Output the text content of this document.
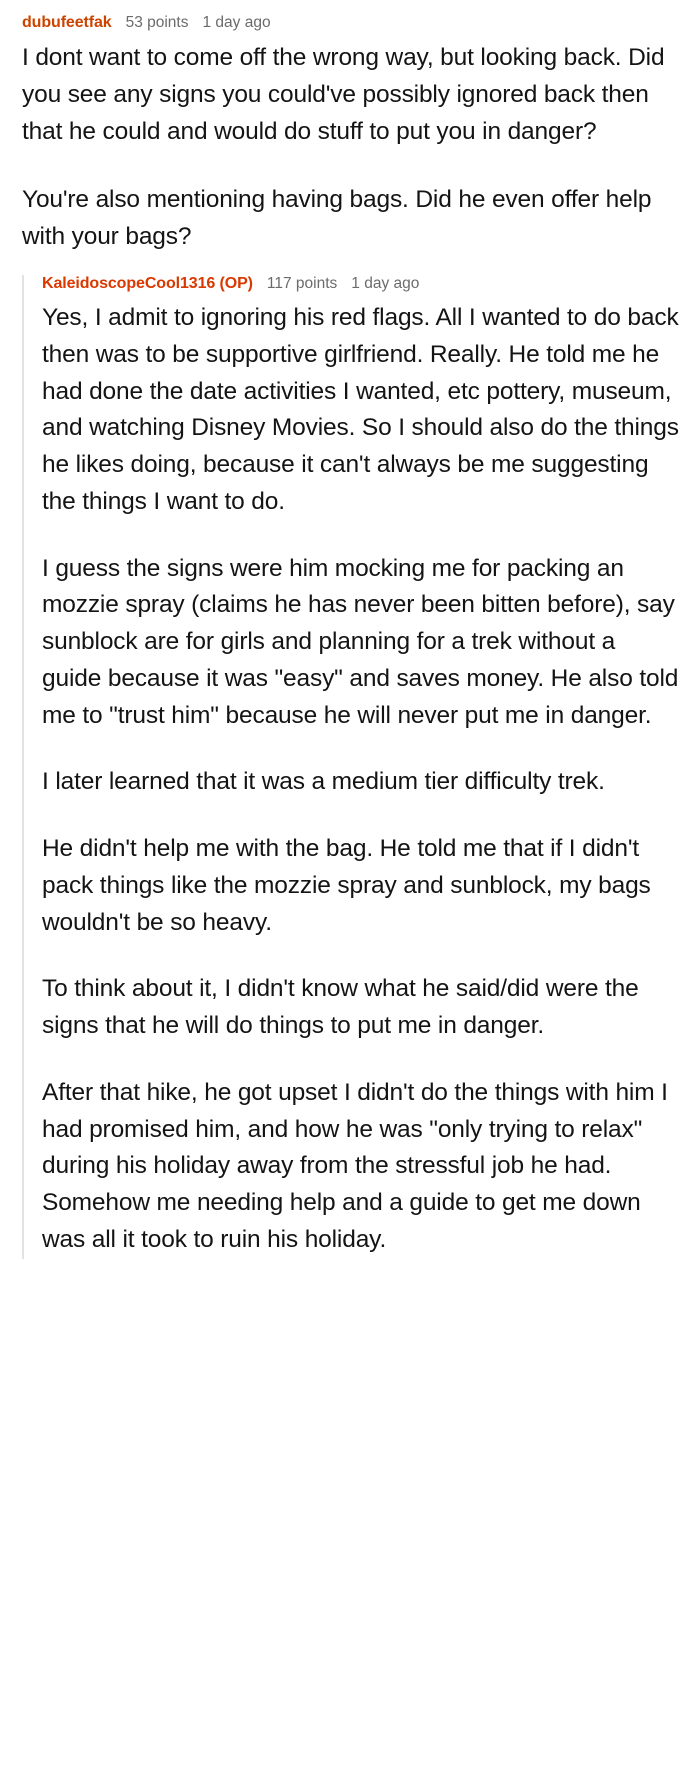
dubufeetfak 53 points 1 day ago

I dont want to come off the wrong way, but looking back. Did you see any signs you could've possibly ignored back then that he could and would do stuff to put you in danger?

You're also mentioning having bags. Did he even offer help with your bags?

KaleidoscopeCool1316 (OP) 117 points 1 day ago

Yes, I admit to ignoring his red flags. All I wanted to do back then was to be supportive girlfriend. Really. He told me he had done the date activities I wanted, etc pottery, museum, and watching Disney Movies. So I should also do the things he likes doing, because it can't always be me suggesting the things I want to do.

I guess the signs were him mocking me for packing an mozzie spray (claims he has never been bitten before), say sunblock are for girls and planning for a trek without a guide because it was "easy" and saves money. He also told me to "trust him" because he will never put me in danger.

I later learned that it was a medium tier difficulty trek.

He didn't help me with the bag. He told me that if I didn't pack things like the mozzie spray and sunblock, my bags wouldn't be so heavy.

To think about it, I didn't know what he said/did were the signs that he will do things to put me in danger.

After that hike, he got upset I didn't do the things with him I had promised him, and how he was "only trying to relax" during his holiday away from the stressful job he had. Somehow me needing help and a guide to get me down was all it took to ruin his holiday.
